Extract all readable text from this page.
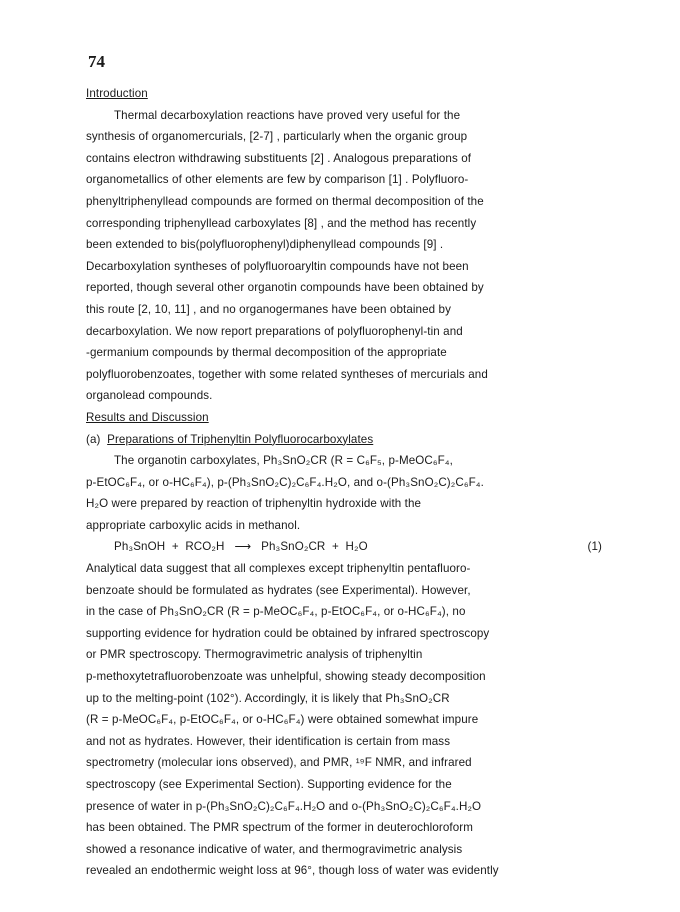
74
Introduction
Thermal decarboxylation reactions have proved very useful for the
synthesis of organomercurials, [2-7] , particularly when the organic group
contains electron withdrawing substituents [2] . Analogous preparations of
organometallics of other elements are few by comparison [1] . Polyfluoro-
phenyltriphenyllead compounds are formed on thermal decomposition of the
corresponding triphenyllead carboxylates [8] , and the method has recently
been extended to bis(polyfluorophenyl)diphenyllead compounds [9] .
Decarboxylation syntheses of polyfluoroaryltin compounds have not been
reported, though several other organotin compounds have been obtained by
this route [2, 10, 11] , and no organogermanes have been obtained by
decarboxylation. We now report preparations of polyfluorophenyl-tin and
-germanium compounds by thermal decomposition of the appropriate
polyfluorobenzoates, together with some related syntheses of mercurials and
organolead compounds.
Results and Discussion
(a) Preparations of Triphenyltin Polyfluorocarboxylates
The organotin carboxylates, Ph₃SnO₂CR (R = C₆F₅, p-MeOC₆F₄,
p-EtOC₆F₄, or o-HC₆F₄), p-(Ph₃SnO₂C)₂C₆F₄.H₂O, and o-(Ph₃SnO₂C)₂C₆F₄.
H₂O were prepared by reaction of triphenyltin hydroxide with the
appropriate carboxylic acids in methanol.
Ph₃SnOH  +  RCO₂H ⟶ Ph₃SnO₂CR  +  H₂O	(1)
Analytical data suggest that all complexes except triphenyltin pentafluoro-
benzoate should be formulated as hydrates (see Experimental). However,
in the case of Ph₃SnO₂CR (R = p-MeOC₆F₄, p-EtOC₆F₄, or o-HC₆F₄), no
supporting evidence for hydration could be obtained by infrared spectroscopy
or PMR spectroscopy. Thermogravimetric analysis of triphenyltin
p-methoxytetrafluorobenzoate was unhelpful, showing steady decomposition
up to the melting-point (102°). Accordingly, it is likely that Ph₃SnO₂CR
(R = p-MeOC₆F₄, p-EtOC₆F₄, or o-HC₆F₄) were obtained somewhat impure
and not as hydrates. However, their identification is certain from mass
spectrometry (molecular ions observed), and PMR, ¹⁹F NMR, and infrared
spectroscopy (see Experimental Section). Supporting evidence for the
presence of water in p-(Ph₃SnO₂C)₂C₆F₄.H₂O and o-(Ph₃SnO₂C)₂C₆F₄.H₂O
has been obtained. The PMR spectrum of the former in deuterochloroform
showed a resonance indicative of water, and thermogravimetric analysis
revealed an endothermic weight loss at 96°, though loss of water was evidently
